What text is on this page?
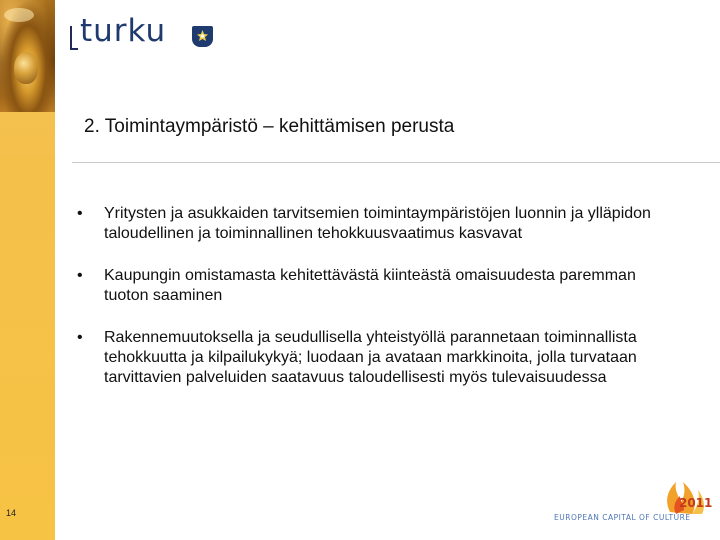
turku
2. Toimintaympäristö – kehittämisen perusta
• Yritysten ja asukkaiden tarvitsemien toimintaympäristöjen luonnin ja ylläpidon taloudellinen ja toiminnallinen tehokkuusvaatimus kasvavat
• Kaupungin omistamasta kehitettävästä kiinteästä omaisuudesta paremman tuoton saaminen
• Rakennemuutoksella ja seudullisella yhteistyöllä parannetaan toiminnallista tehokkuutta ja kilpailukykyä; luodaan ja avataan markkinoita, jolla turvataan tarvittavien palveluiden saatavuus taloudellisesti myös tulevaisuudessa
14
2011
EUROPEAN CAPITAL OF CULTURE
